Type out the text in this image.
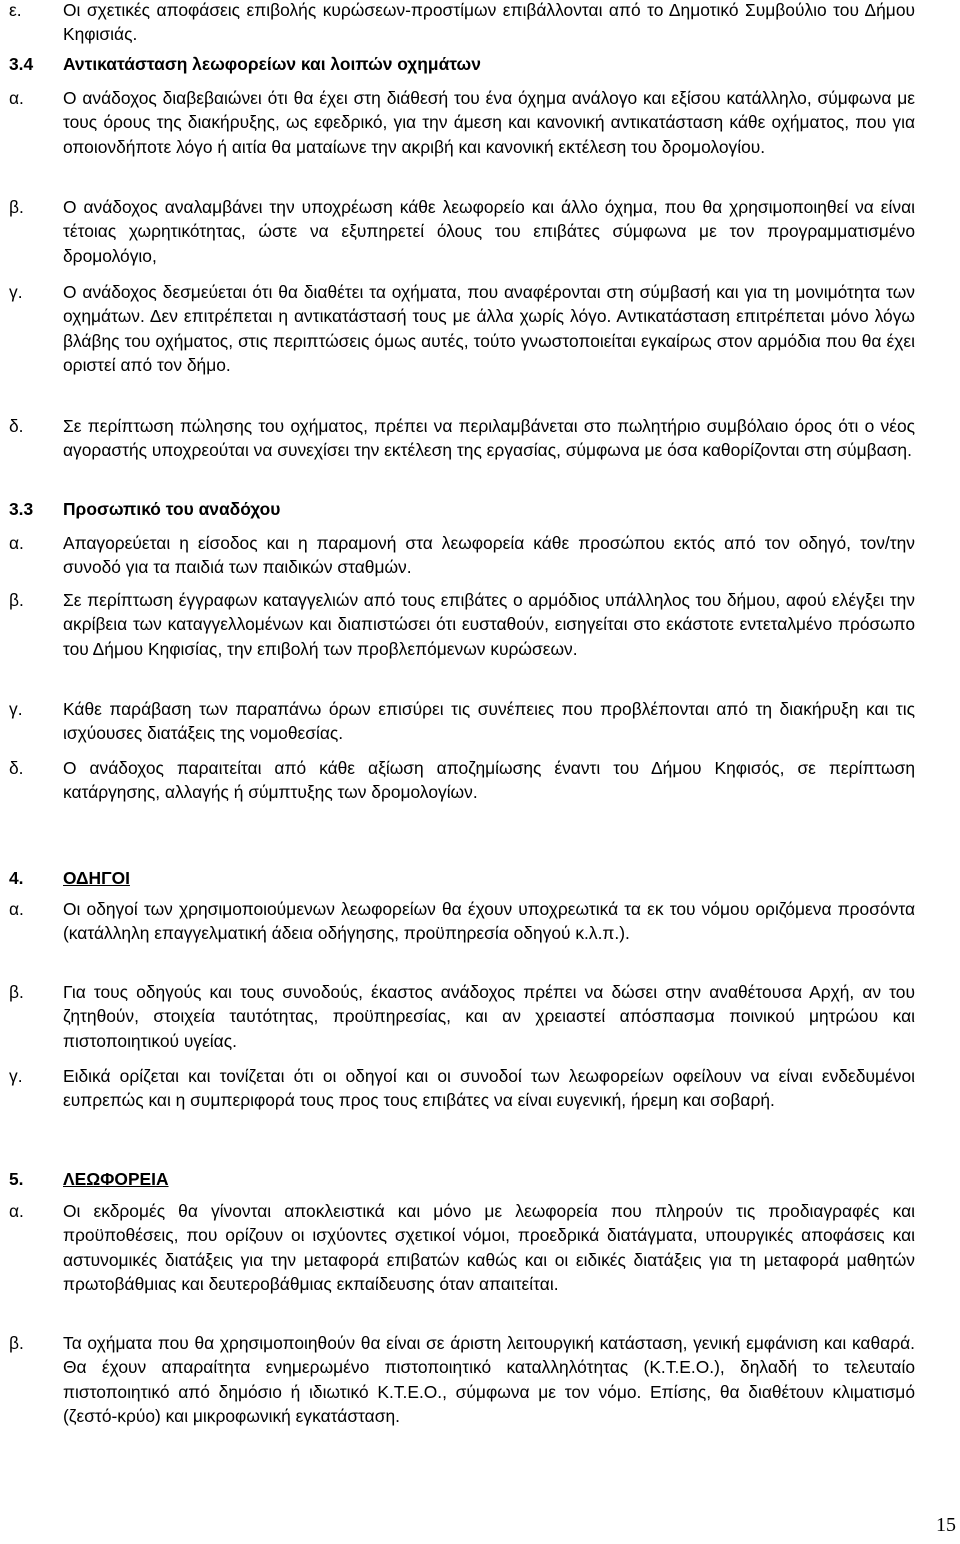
ε.	Οι σχετικές αποφάσεις επιβολής κυρώσεων-προστίμων επιβάλλονται από το Δημοτικό Συμβούλιο του Δήμου Κηφισιάς.
3.4	Αντικατάσταση λεωφορείων και λοιπών οχημάτων
α.	Ο ανάδοχος διαβεβαιώνει ότι θα έχει στη διάθεσή του ένα όχημα ανάλογο και εξίσου κατάλληλο, σύμφωνα με τους όρους της διακήρυξης, ως εφεδρικό, για την άμεση και κανονική αντικατάσταση κάθε οχήματος, που για οποιονδήποτε λόγο ή αιτία θα ματαίωνε την ακριβή και κανονική εκτέλεση του δρομολογίου.
β.	Ο ανάδοχος αναλαμβάνει την υποχρέωση κάθε λεωφορείο και άλλο όχημα, που θα χρησιμοποιηθεί να είναι τέτοιας χωρητικότητας, ώστε να εξυπηρετεί όλους του επιβάτες σύμφωνα με τον προγραμματισμένο δρομολόγιο,
γ.	Ο ανάδοχος δεσμεύεται ότι θα διαθέτει τα οχήματα, που αναφέρονται στη σύμβασή και για τη μονιμότητα των οχημάτων. Δεν επιτρέπεται η αντικατάστασή τους με άλλα χωρίς λόγο. Αντικατάσταση επιτρέπεται μόνο λόγω βλάβης του οχήματος, στις περιπτώσεις όμως αυτές, τούτο γνωστοποιείται εγκαίρως στον αρμόδια που θα έχει οριστεί από τον δήμο.
δ.	Σε περίπτωση πώλησης του οχήματος, πρέπει να περιλαμβάνεται στο πωλητήριο συμβόλαιο όρος ότι ο νέος αγοραστής υποχρεούται να συνεχίσει την εκτέλεση της εργασίας, σύμφωνα με όσα καθορίζονται στη σύμβαση.
3.3	Προσωπικό του αναδόχου
α.	Απαγορεύεται η είσοδος και η παραμονή στα λεωφορεία κάθε προσώπου εκτός από τον οδηγό, τον/την συνοδό για τα παιδιά των παιδικών σταθμών.
β.	Σε περίπτωση έγγραφων καταγγελιών από τους επιβάτες ο αρμόδιος υπάλληλος του δήμου, αφού ελέγξει την ακρίβεια των καταγγελλομένων και διαπιστώσει ότι ευσταθούν, εισηγείται στο εκάστοτε εντεταλμένο πρόσωπο του Δήμου Κηφισίας, την επιβολή των προβλεπόμενων κυρώσεων.
γ.	Κάθε παράβαση των παραπάνω όρων επισύρει τις συνέπειες που προβλέπονται από τη διακήρυξη και τις ισχύουσες διατάξεις της νομοθεσίας.
δ.	Ο ανάδοχος παραιτείται από κάθε αξίωση αποζημίωσης έναντι του Δήμου Κηφισός, σε περίπτωση κατάργησης, αλλαγής ή σύμπτυξης των δρομολογίων.
4.	ΟΔΗΓΟΙ
α.	Οι οδηγοί των χρησιμοποιούμενων λεωφορείων θα έχουν υποχρεωτικά τα εκ του νόμου οριζόμενα προσόντα (κατάλληλη επαγγελματική άδεια οδήγησης, προϋπηρεσία οδηγού κ.λ.π.).
β.	Για τους οδηγούς και τους συνοδούς, έκαστος ανάδοχος πρέπει να δώσει στην αναθέτουσα Αρχή, αν του ζητηθούν, στοιχεία ταυτότητας, προϋπηρεσίας, και αν χρειαστεί απόσπασμα ποινικού μητρώου και πιστοποιητικού υγείας.
γ.	Ειδικά ορίζεται και τονίζεται ότι οι οδηγοί και οι συνοδοί των λεωφορείων οφείλουν να είναι ενδεδυμένοι ευπρεπώς και η συμπεριφορά τους προς τους επιβάτες να είναι ευγενική, ήρεμη και σοβαρή.
5.	ΛΕΩΦΟΡΕΙΑ
α.	Οι εκδρομές θα γίνονται αποκλειστικά και μόνο με λεωφορεία που πληρούν τις προδιαγραφές και προϋποθέσεις, που ορίζουν οι ισχύοντες σχετικοί νόμοι, προεδρικά διατάγματα, υπουργικές αποφάσεις και αστυνομικές διατάξεις για την μεταφορά επιβατών καθώς και οι ειδικές διατάξεις για τη μεταφορά μαθητών πρωτοβάθμιας και δευτεροβάθμιας εκπαίδευσης όταν απαιτείται.
β.	Τα οχήματα που θα χρησιμοποιηθούν θα είναι σε άριστη λειτουργική κατάσταση, γενική εμφάνιση και καθαρά. Θα έχουν απαραίτητα ενημερωμένο πιστοποιητικό καταλληλότητας (Κ.Τ.Ε.Ο.), δηλαδή το τελευταίο πιστοποιητικό από δημόσιο ή ιδιωτικό Κ.Τ.Ε.Ο., σύμφωνα με τον νόμο. Επίσης, θα διαθέτουν κλιματισμό (ζεστό-κρύο) και μικροφωνική εγκατάσταση.
15
